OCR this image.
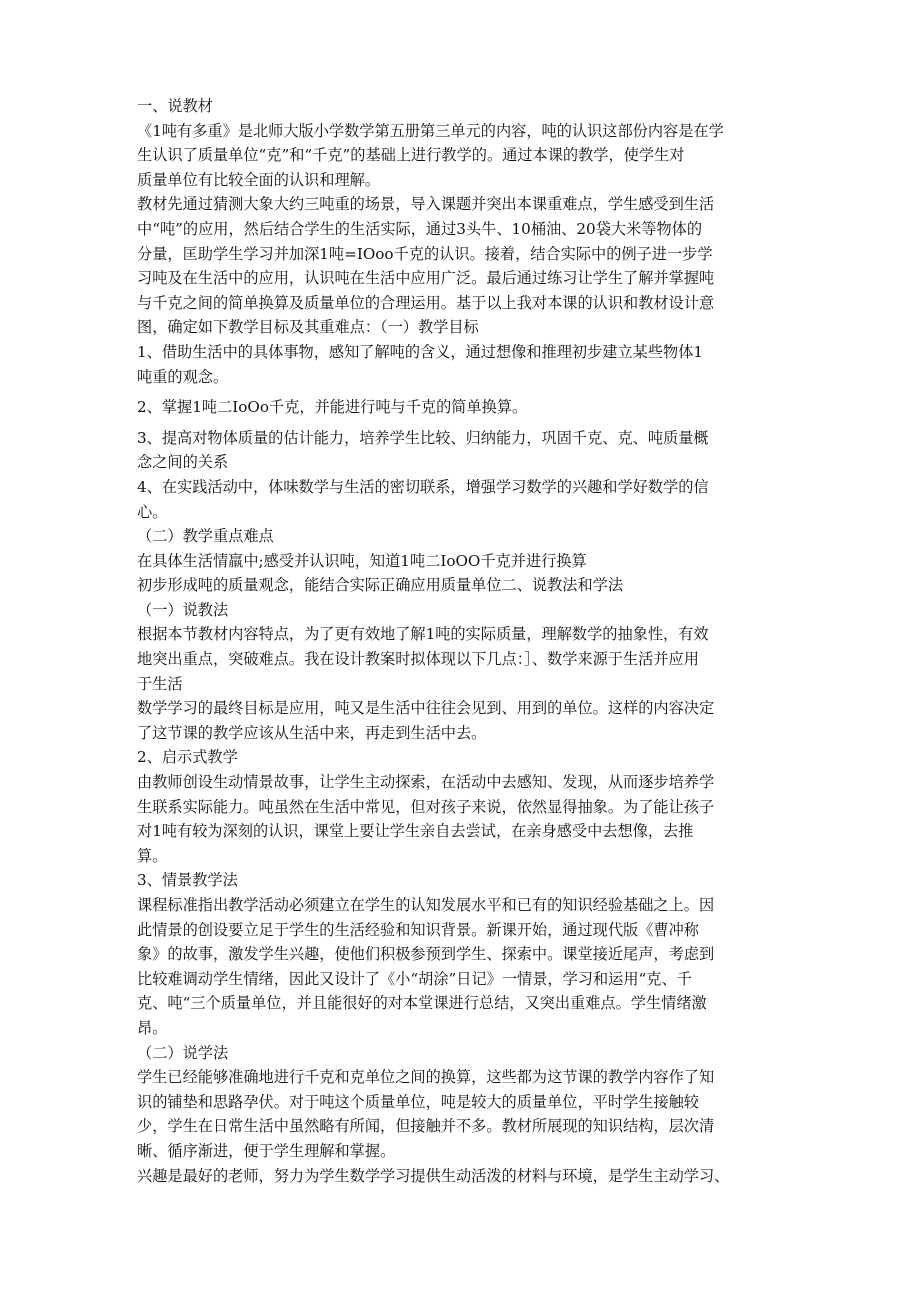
一、说教材
《1吨有多重》是北师大版小学数学第五册第三单元的内容，吨的认识这部份内容是在学
生认识了质量单位“克”和“千克”的基础上进行教学的。通过本课的教学，使学生对
质量单位有比较全面的认识和理解。
教材先通过猜测大象大约三吨重的场景，导入课题并突出本课重难点，学生感受到生活
中“吨”的应用，然后结合学生的生活实际，通过3头牛、10桶油、20袋大米等物体的
分量，匡助学生学习并加深1吨=IOoo千克的认识。接着，结合实际中的例子进一步学
习吨及在生活中的应用，认识吨在生活中应用广泛。最后通过练习让学生了解并掌握吨
与千克之间的简单换算及质量单位的合理运用。基于以上我对本课的认识和教材设计意
图，确定如下教学目标及其重难点：（一）教学目标
1、借助生活中的具体事物，感知了解吨的含义，通过想像和推理初步建立某些物体1
吨重的观念。
2、掌握1吨二IoOo千克，并能进行吨与千克的简单换算。
3、提高对物体质量的估计能力，培养学生比较、归纳能力，巩固千克、克、吨质量概
念之间的关系
4、在实践活动中，体味数学与生活的密切联系，增强学习数学的兴趣和学好数学的信
心。
（二）教学重点难点
在具体生活情羸中;感受并认识吨，知道1吨二IoOO千克并进行换算
初步形成吨的质量观念，能结合实际正确应用质量单位二、说教法和学法
（一）说教法
根据本节教材内容特点，为了更有效地了解1吨的实际质量，理解数学的抽象性，有效
地突出重点，突破难点。我在设计教案时拟体现以下几点：］、数学来源于生活并应用
于生活
数学学习的最终目标是应用，吨又是生活中往往会见到、用到的单位。这样的内容决定
了这节课的教学应该从生活中来，再走到生活中去。
2、启示式教学
由教师创设生动情景故事，让学生主动探索，在活动中去感知、发现，从而逐步培养学
生联系实际能力。吨虽然在生活中常见，但对孩子来说，依然显得抽象。为了能让孩子
对1吨有较为深刻的认识，课堂上要让学生亲自去尝试，在亲身感受中去想像，去推
算。
3、情景教学法
课程标准指出教学活动必须建立在学生的认知发展水平和已有的知识经验基础之上。因
此情景的创设要立足于学生的生活经验和知识背景。新课开始，通过现代版《曹冲称
象》的故事，激发学生兴趣，使他们积极参预到学生、探索中。课堂接近尾声，考虑到
比较难调动学生情绪，因此又设计了《小“胡涂”日记》一情景，学习和运用“克、千
克、吨“三个质量单位，并且能很好的对本堂课进行总结，又突出重难点。学生情绪激
昂。
（二）说学法
学生已经能够准确地进行千克和克单位之间的换算，这些都为这节课的教学内容作了知
识的铺垫和思路孕伏。对于吨这个质量单位，吨是较大的质量单位，平时学生接触较
少，学生在日常生活中虽然略有所闻，但接触并不多。教材所展现的知识结构，层次清
晰、循序渐进，便于学生理解和掌握。
兴趣是最好的老师，努力为学生数学学习提供生动活泼的材料与环境，是学生主动学习、
